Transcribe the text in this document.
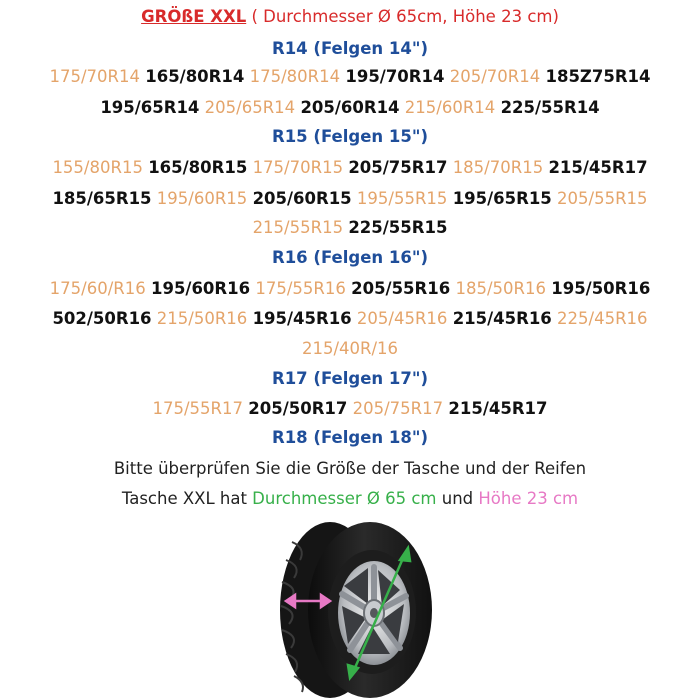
GRÖßE XXL ( Durchmesser Ø 65cm, Höhe 23 cm)
R14 (Felgen 14")
175/70R14 165/80R14 175/80R14 195/70R14 205/70R14 185Z75R14
195/65R14 205/65R14 205/60R14 215/60R14 225/55R14
R15 (Felgen 15")
155/80R15 165/80R15 175/70R15 205/75R17 185/70R15 215/45R17
185/65R15 195/60R15 205/60R15 195/55R15 195/65R15 205/55R15
215/55R15 225/55R15
R16 (Felgen 16")
175/60/R16 195/60R16 175/55R16 205/55R16 185/50R16 195/50R16
502/50R16 215/50R16 195/45R16 205/45R16 215/45R16 225/45R16
215/40R/16
R17 (Felgen 17")
175/55R17 205/50R17 205/75R17 215/45R17
R18 (Felgen 18")
Bitte überprüfen Sie die Größe der Tasche und der Reifen
Tasche XXL hat Durchmesser Ø 65 cm und Höhe 23 cm
